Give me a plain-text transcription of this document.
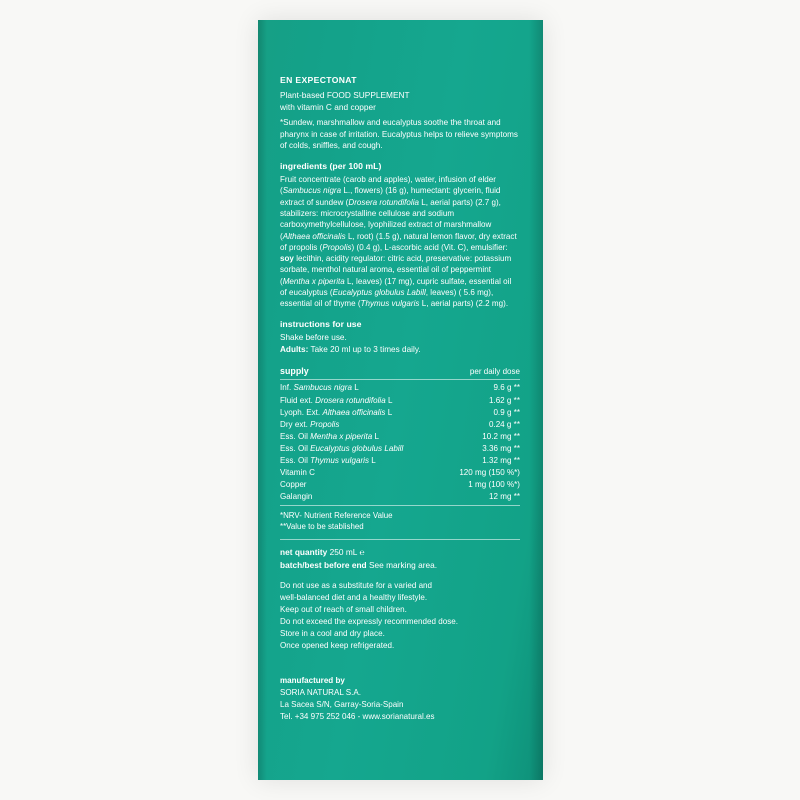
EN EXPECTONAT
Plant-based FOOD SUPPLEMENT
with vitamin C and copper
*Sundew, marshmallow and eucalyptus soothe the throat and pharynx in case of irritation. Eucalyptus helps to relieve symptoms of colds, sniffles, and cough.
ingredients (per 100 mL)
Fruit concentrate (carob and apples), water, infusion of elder (Sambucus nigra L., flowers) (16 g), humectant: glycerin, fluid extract of sundew (Drosera rotundifolia L, aerial parts) (2.7 g), stabilizers: microcrystalline cellulose and sodium carboxymethylcellulose, lyophilized extract of marshmallow (Althaea officinalis L, root) (1.5 g), natural lemon flavor, dry extract of propolis (Propolis) (0.4 g), L-ascorbic acid (Vit. C), emulsifier: soy lecithin, acidity regulator: citric acid, preservative: potassium sorbate, menthol natural aroma, essential oil of peppermint (Mentha x piperita L, leaves) (17 mg), cupric sulfate, essential oil of eucalyptus (Eucalyptus globulus Labill, leaves) ( 5.6 mg), essential oil of thyme (Thymus vulgaris L, aerial parts) (2.2 mg).
instructions for use
Shake before use.
Adults: Take 20 ml up to 3 times daily.
supply	per daily dose
Inf. Sambucus nigra L	9.6 g **
Fluid ext. Drosera rotundifolia L	1.62 g **
Lyoph. Ext. Althaea officinalis L	0.9 g **
Dry ext. Propolis	0.24 g **
Ess. Oil Mentha x piperita L	10.2 mg **
Ess. Oil Eucalyptus globulus Labill	3.36 mg **
Ess. Oil Thymus vulgaris L	1.32 mg **
Vitamin C	120 mg (150 %*)
Copper	1 mg (100 %*)
Galangin	12 mg **
*NRV- Nutrient Reference Value
**Value to be stablished
net quantity 250 mL ℮
batch/best before end See marking area.
Do not use as a substitute for a varied and
well-balanced diet and a healthy lifestyle.
Keep out of reach of small children.
Do not exceed the expressly recommended dose.
Store in a cool and dry place.
Once opened keep refrigerated.
manufactured by
SORIA NATURAL S.A.
La Sacea S/N, Garray-Soria-Spain
Tel. +34 975 252 046 - www.sorianatural.es
